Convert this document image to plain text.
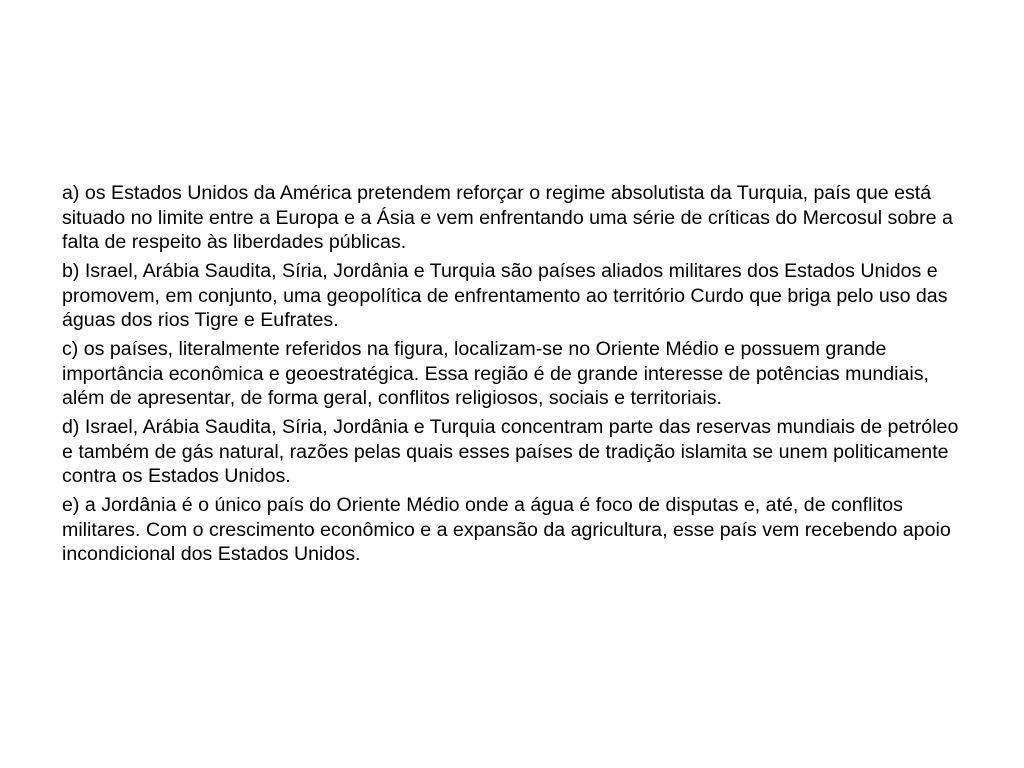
a) os Estados Unidos da América pretendem reforçar o regime absolutista da Turquia, país que está situado no limite entre a Europa e a Ásia e vem enfrentando uma série de críticas do Mercosul sobre a falta de respeito às liberdades públicas.

b) Israel, Arábia Saudita, Síria, Jordânia e Turquia são países aliados militares dos Estados Unidos e promovem, em conjunto, uma geopolítica de enfrentamento ao território Curdo que briga pelo uso das águas dos rios Tigre e Eufrates.

c) os países, literalmente referidos na figura, localizam-se no Oriente Médio e possuem grande importância econômica e geoestratégica. Essa região é de grande interesse de potências mundiais, além de apresentar, de forma geral, conflitos religiosos, sociais e territoriais.

d) Israel, Arábia Saudita, Síria, Jordânia e Turquia concentram parte das reservas mundiais de petróleo e também de gás natural, razões pelas quais esses países de tradição islamita se unem politicamente contra os Estados Unidos.

e) a Jordânia é o único país do Oriente Médio onde a água é foco de disputas e, até, de conflitos militares. Com o crescimento econômico e a expansão da agricultura, esse país vem recebendo apoio incondicional dos Estados Unidos.
